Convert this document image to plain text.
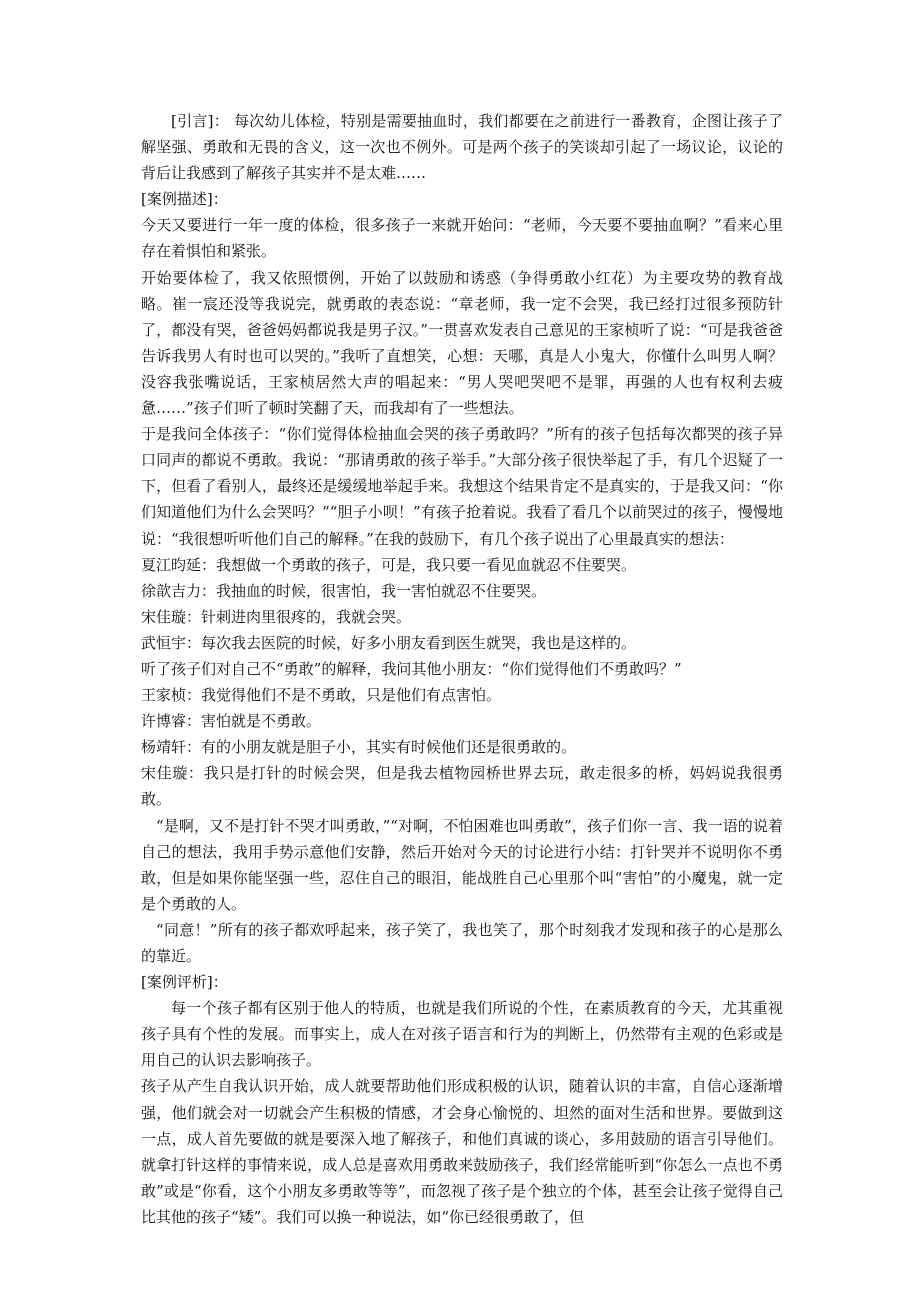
[引言]： 每次幼儿体检，特别是需要抽血时，我们都要在之前进行一番教育，企图让孩子了解坚强、勇敢和无畏的含义，这一次也不例外。可是两个孩子的笑谈却引起了一场议论，议论的背后让我感到了解孩子其实并不是太难……

[案例描述]：

今天又要进行一年一度的体检，很多孩子一来就开始问：“老师，今天要不要抽血啊？”看来心里存在着惧怕和紧张。

开始要体检了，我又依照惯例，开始了以鼓励和诱惑（争得勇敢小红花）为主要攻势的教育战略。崔一宸还没等我说完，就勇敢的表态说：“章老师，我一定不会哭，我已经打过很多预防针了，都没有哭，爸爸妈妈都说我是男子汉。”一贯喜欢发表自己意见的王家桢听了说：“可是我爸爸告诉我男人有时也可以哭的。”我听了直想笑，心想：天哪，真是人小鬼大，你懂什么叫男人啊？没容我张嘴说话，王家桢居然大声的唱起来：“男人哭吧哭吧不是罪，再强的人也有权利去疲惫……”孩子们听了顿时笑翻了天，而我却有了一些想法。

于是我问全体孩子：“你们觉得体检抽血会哭的孩子勇敢吗？”所有的孩子包括每次都哭的孩子异口同声的都说不勇敢。我说：“那请勇敢的孩子举手。”大部分孩子很快举起了手，有几个迟疑了一下，但看了看别人，最终还是缓缓地举起手来。我想这个结果肯定不是真实的，于是我又问：“你们知道他们为什么会哭吗？”“胆子小呗！”有孩子抢着说。我看了看几个以前哭过的孩子，慢慢地说：“我很想听听他们自己的解释。”在我的鼓励下，有几个孩子说出了心里最真实的想法：

夏江昀延：我想做一个勇敢的孩子，可是，我只要一看见血就忍不住要哭。

徐歆吉力：我抽血的时候，很害怕，我一害怕就忍不住要哭。

宋佳璇：针刺进肉里很疼的，我就会哭。

武恒宇：每次我去医院的时候，好多小朋友看到医生就哭，我也是这样的。

听了孩子们对自己不“勇敢”的解释，我问其他小朋友：“你们觉得他们不勇敢吗？”

王家桢：我觉得他们不是不勇敢，只是他们有点害怕。

许博睿：害怕就是不勇敢。

杨靖轩：有的小朋友就是胆子小，其实有时候他们还是很勇敢的。

宋佳璇：我只是打针的时候会哭，但是我去植物园桥世界去玩，敢走很多的桥，妈妈说我很勇敢。

“是啊，又不是打针不哭才叫勇敢，”“对啊，不怕困难也叫勇敢”，孩子们你一言、我一语的说着自己的想法，我用手势示意他们安静，然后开始对今天的讨论进行小结：打针哭并不说明你不勇敢，但是如果你能坚强一些，忍住自己的眼泪，能战胜自己心里那个叫“害怕”的小魔鬼，就一定是个勇敢的人。

“同意！”所有的孩子都欢呼起来，孩子笑了，我也笑了，那个时刻我才发现和孩子的心是那么的靠近。

[案例评析]：

每一个孩子都有区别于他人的特质，也就是我们所说的个性，在素质教育的今天，尤其重视孩子具有个性的发展。而事实上，成人在对孩子语言和行为的判断上，仍然带有主观的色彩或是用自己的认识去影响孩子。

孩子从产生自我认识开始，成人就要帮助他们形成积极的认识，随着认识的丰富，自信心逐渐增强，他们就会对一切就会产生积极的情感，才会身心愉悦的、坦然的面对生活和世界。要做到这一点，成人首先要做的就是要深入地了解孩子，和他们真诚的谈心，多用鼓励的语言引导他们。就拿打针这样的事情来说，成人总是喜欢用勇敢来鼓励孩子，我们经常能听到“你怎么一点也不勇敢”或是“你看，这个小朋友多勇敢等等”，而忽视了孩子是个独立的个体，甚至会让孩子觉得自己比其他的孩子“矮”。我们可以换一种说法，如“你已经很勇敢了，但
